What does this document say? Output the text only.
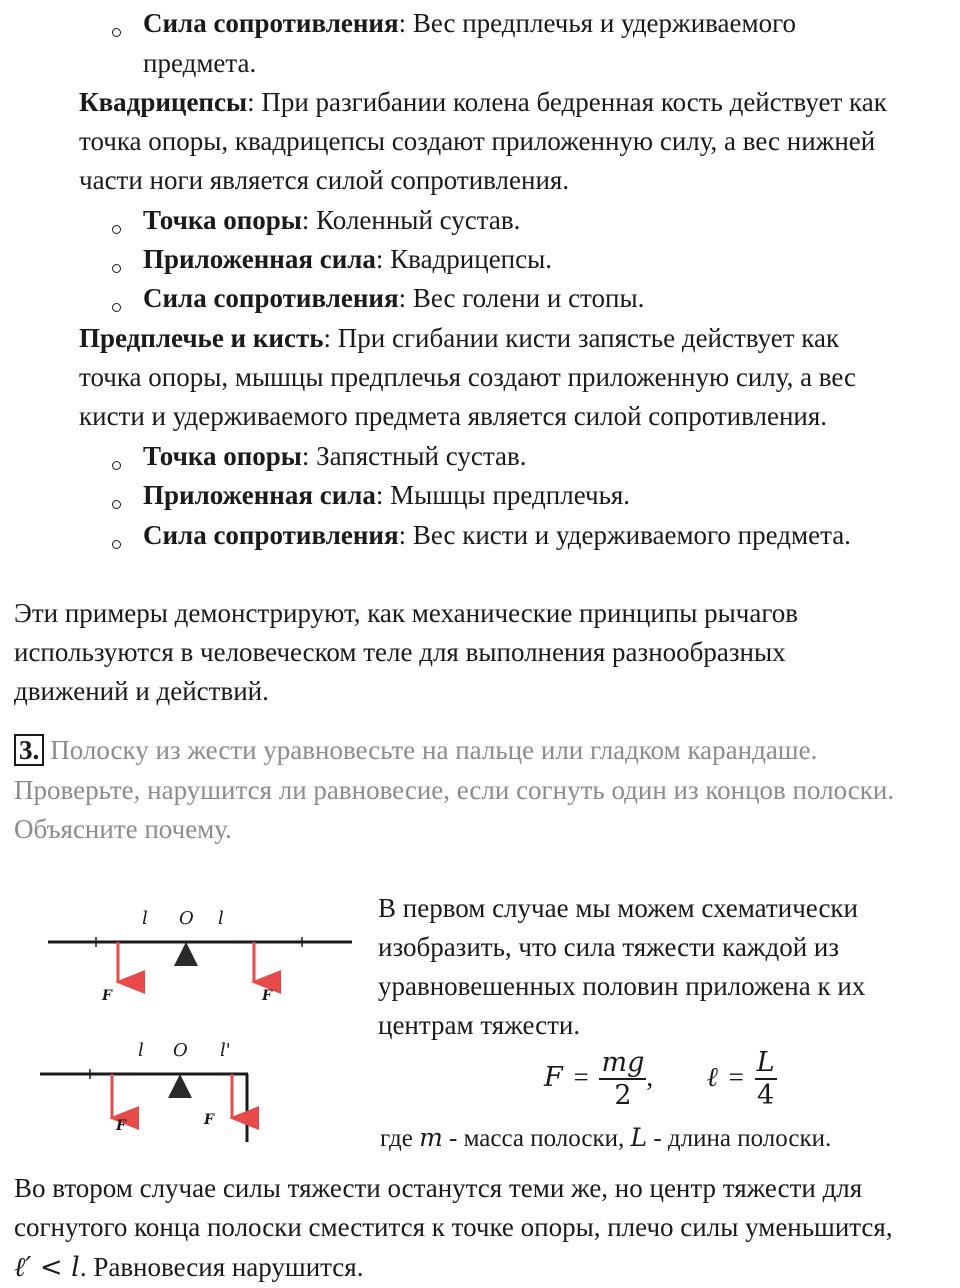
Сила сопротивления: Вес предплечья и удерживаемого
предмета.
Квадрицепсы: При разгибании колена бедренная кость действует как
точка опоры, квадрицепсы создают приложенную силу, а вес нижней
части ноги является силой сопротивления.
Точка опоры: Коленный сустав.
Приложенная сила: Квадрицепсы.
Сила сопротивления: Вес голени и стопы.
Предплечье и кисть: При сгибании кисти запястье действует как
точка опоры, мышцы предплечья создают приложенную силу, а вес
кисти и удерживаемого предмета является силой сопротивления.
Точка опоры: Запястный сустав.
Приложенная сила: Мышцы предплечья.
Сила сопротивления: Вес кисти и удерживаемого предмета.
Эти примеры демонстрируют, как механические принципы рычагов
используются в человеческом теле для выполнения разнообразных
движений и действий.
3. Полоску из жести уравновесьте на пальце или гладком карандаше.
Проверьте, нарушится ли равновесие, если согнуть один из концов полоски.
Объясните почему.
l O l
F	F
l O l'
F	F
В первом случае мы можем схематически
изобразить, что сила тяжести каждой из
уравновешенных половин приложена к их
центрам тяжести.
$F = \frac{mg}{2}$ , ℓ = $\frac{L}{4}$
где m - масса полоски, L - длина полоски.
Во втором случае силы тяжести останутся теми же, но центр тяжести для
согнутого конца полоски сместится к точке опоры, плечо силы уменьшится,
ℓ′ < l. Равновесия нарушится.
